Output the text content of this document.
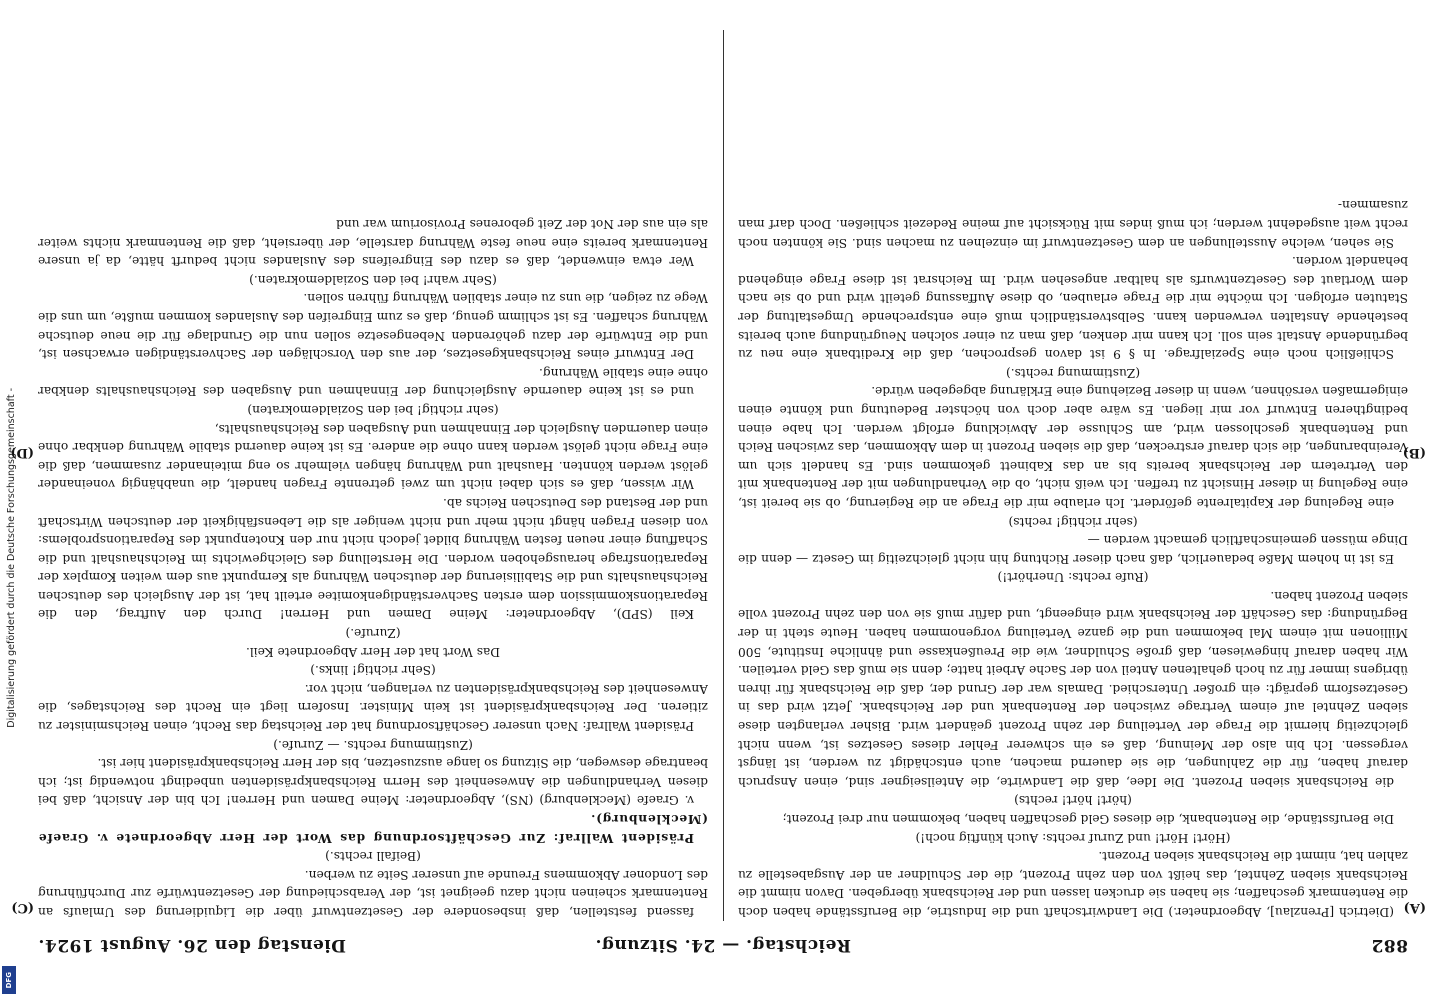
Digitalisierung gefördert durch die Deutsche Forschungsgemeinschaft -
DFG
882
Reichstag. — 24. Sitzung.
Dienstag den 26. August 1924.
(A)
(B)
(C)
(D)

(Dietrich [Prenzlau], Abgeordneter.) Die Landwirtschaft und die Industrie, die Berufsstände haben doch die Rentenmark geschaffen; sie haben sie drucken lassen und der Reichsbank übergeben. Davon nimmt die Reichsbank sieben Zehntel, das heißt von den zehn Prozent, die der Schuldner an der Ausgabestelle zu zahlen hat, nimmt die Reichsbank sieben Prozent.

(Hört! Hört! und Zuruf rechts: Auch künftig noch!)

Die Berufsstände, die Rentenbank, die dieses Geld geschaffen haben, bekommen nur drei Prozent;

(hört! hört! rechts)

die Reichsbank sieben Prozent. Die Idee, daß die Landwirte, die Anteilseigner sind, einen Anspruch darauf haben, für die Zahlungen, die sie dauernd machen, auch entschädigt zu werden, ist längst vergessen. Ich bin also der Meinung, daß es ein schwerer Fehler dieses Gesetzes ist, wenn nicht gleichzeitig hiermit die Frage der Verteilung der zehn Prozent geändert wird. Bisher verlangten diese sieben Zehntel auf einem Vertrage zwischen der Rentenbank und der Reichsbank. Jetzt wird das in Gesetzesform geprägt: ein großer Unterschied. Damals war der Grund der, daß die Reichsbank für ihren übrigens immer für zu hoch gehaltenen Anteil von der Sache Arbeit hatte; denn sie muß das Geld verteilen. Wir haben darauf hingewiesen, daß große Schuldner, wie die Preußenkasse und ähnliche Institute, 500 Millionen mit einem Mal bekommen und die ganze Verteilung vorgenommen haben. Heute steht in der Begründung: das Geschäft der Reichsbank wird eingeengt, und dafür muß sie von den zehn Prozent volle sieben Prozent haben.

(Rufe rechts: Unerhört!)

Es ist in hohem Maße bedauerlich, daß nach dieser Richtung hin nicht gleichzeitig im Gesetz — denn die Dinge müssen gemeinschaftlich gemacht werden —

(sehr richtig! rechts)

eine Regelung der Kapitalrente gefördert. Ich erlaube mir die Frage an die Regierung, ob sie bereit ist, eine Regelung in dieser Hinsicht zu treffen. Ich weiß nicht, ob die Verhandlungen mit der Rentenbank mit den Vertretern der Reichsbank bereits bis an das Kabinett gekommen sind. Es handelt sich um Vereinbarungen, die sich darauf erstrecken, daß die sieben Prozent in dem Abkommen, das zwischen Reich und Rentenbank geschlossen wird, am Schlusse der Abwicklung erfolgt werden. Ich habe einen bedingtheren Entwurf vor mir liegen. Es wäre aber doch von höchster Bedeutung und könnte einen einigermaßen versöhnen, wenn in dieser Beziehung eine Erklärung abgegeben würde.

(Zustimmung rechts.)

Schließlich noch eine Spezialfrage. In § 9 ist davon gesprochen, daß die Kreditbank eine neu zu begründende Anstalt sein soll. Ich kann mir denken, daß man zu einer solchen Neugründung auch bereits bestehende Anstalten verwenden kann. Selbstverständlich muß eine entsprechende Umgestaltung der Statuten erfolgen. Ich möchte mir die Frage erlauben, ob diese Auffassung geteilt wird und ob sie nach dem Wortlaut des Gesetzentwurfs als haltbar angesehen wird. Im Reichsrat ist diese Frage eingehend behandelt worden.

Sie sehen, welche Ausstellungen an dem Gesetzentwurf im einzelnen zu machen sind. Sie könnten noch recht weit ausgedehnt werden; ich muß indes mit Rücksicht auf meine Redezeit schließen. Doch darf man zusammen-

fassend feststellen, daß insbesondere der Gesetzentwurf über die Liquidierung des Umlaufs an Rentenmark scheinen nicht dazu geeignet ist, der Verabschiedung der Gesetzentwürfe zur Durchführung des Londoner Abkommens Freunde auf unserer Seite zu werben.

(Beifall rechts.)

Präsident Wallraf: Zur Geschäftsordnung das Wort der Herr Abgeordnete v. Graefe (Mecklenburg).

v. Graefe (Mecklenburg) (NS), Abgeordneter: Meine Damen und Herren! Ich bin der Ansicht, daß bei diesen Verhandlungen die Anwesenheit des Herrn Reichsbankpräsidenten unbedingt notwendig ist; ich beantrage deswegen, die Sitzung so lange auszusetzen, bis der Herr Reichsbankpräsident hier ist.

(Zustimmung rechts. — Zurufe.)

Präsident Wallraf: Nach unserer Geschäftsordnung hat der Reichstag das Recht, einen Reichsminister zu zitieren. Der Reichsbankpräsident ist kein Minister. Insofern liegt ein Recht des Reichstages, die Anwesenheit des Reichsbankpräsidenten zu verlangen, nicht vor.

(Sehr richtig! links.)

Das Wort hat der Herr Abgeordnete Keil.

(Zurufe.)

Keil (SPD), Abgeordneter: Meine Damen und Herren! Durch den Auftrag, den die Reparationskommission dem ersten Sachverständigenkomitee erteilt hat, ist der Ausgleich des deutschen Reichshaushalts und die Stabilisierung der deutschen Währung als Kernpunkt aus dem weiten Komplex der Reparationsfrage herausgehoben worden. Die Herstellung des Gleichgewichts im Reichshaushalt und die Schaffung einer neuen festen Währung bildet jedoch nicht nur den Knotenpunkt des Reparationsproblems: von diesen Fragen hängt nicht mehr und nicht weniger als die Lebensfähigkeit der deutschen Wirtschaft und der Bestand des Deutschen Reichs ab.

Wir wissen, daß es sich dabei nicht um zwei getrennte Fragen handelt, die unabhängig voneinander gelöst werden könnten. Haushalt und Währung hängen vielmehr so eng miteinander zusammen, daß die eine Frage nicht gelöst werden kann ohne die andere. Es ist keine dauernd stabile Währung denkbar ohne einen dauernden Ausgleich der Einnahmen und Ausgaben des Reichshaushalts,

(sehr richtig! bei den Sozialdemokraten)

und es ist keine dauernde Ausgleichung der Einnahmen und Ausgaben des Reichshaushalts denkbar ohne eine stabile Währung.

Der Entwurf eines Reichsbankgesetzes, der aus den Vorschlägen der Sachverständigen erwachsen ist, und die Entwürfe der dazu gehörenden Nebengesetze sollen nun die Grundlage für die neue deutsche Währung schaffen. Es ist schlimm genug, daß es zum Eingreifen des Auslandes kommen mußte, um uns die Wege zu zeigen, die uns zu einer stabilen Währung führen sollen.

(Sehr wahr! bei den Sozialdemokraten.)

Wer etwa einwendet, daß es dazu des Eingreifens des Auslandes nicht bedurft hätte, da ja unsere Rentenmark bereits eine neue feste Währung darstelle, der übersieht, daß die Rentenmark nichts weiter als ein aus der Not der Zeit geborenes Provisorium war und
